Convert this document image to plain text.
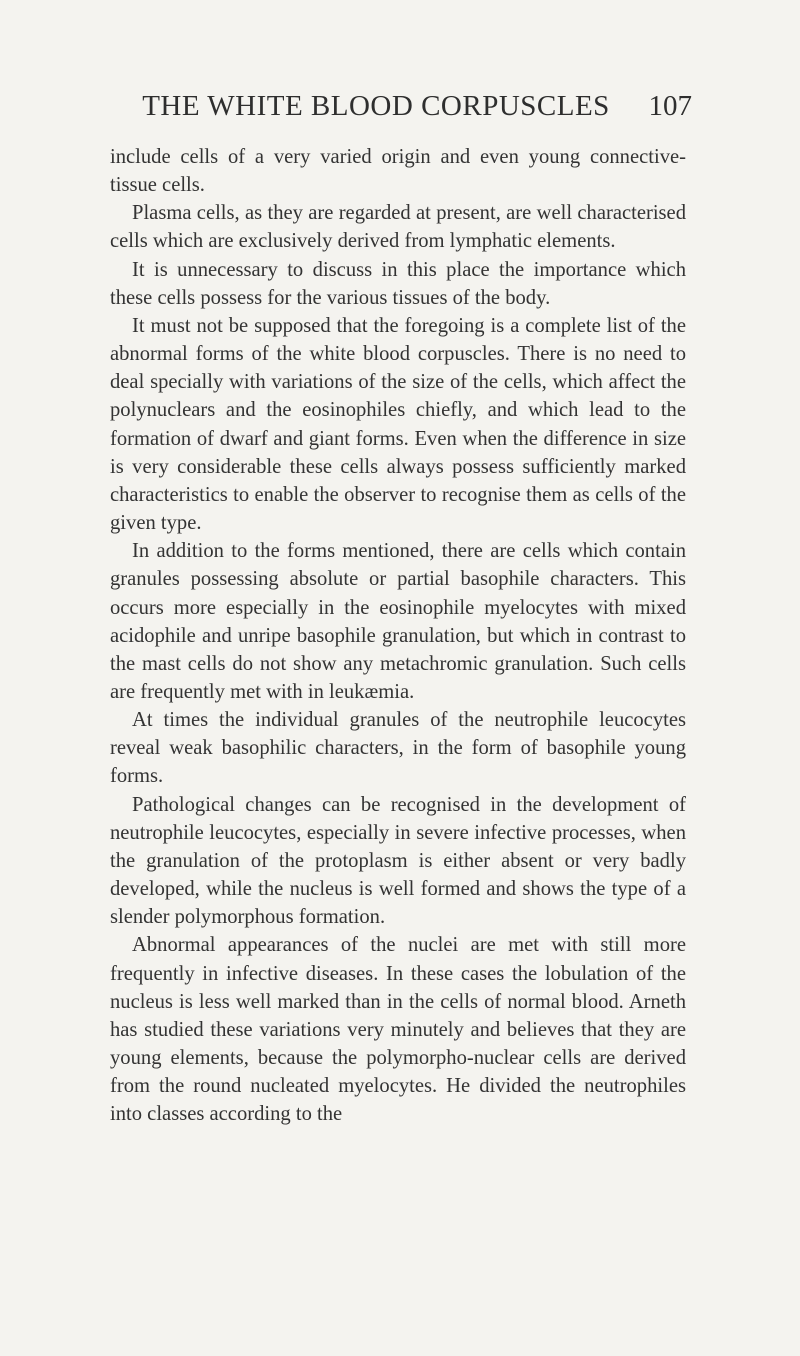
THE WHITE BLOOD CORPUSCLES	107

include cells of a very varied origin and even young connective-tissue cells.

Plasma cells, as they are regarded at present, are well characterised cells which are exclusively derived from lymphatic elements.

It is unnecessary to discuss in this place the importance which these cells possess for the various tissues of the body.

It must not be supposed that the foregoing is a complete list of the abnormal forms of the white blood corpuscles. There is no need to deal specially with variations of the size of the cells, which affect the polynuclears and the eosinophiles chiefly, and which lead to the formation of dwarf and giant forms. Even when the difference in size is very considerable these cells always possess sufficiently marked characteristics to enable the observer to recognise them as cells of the given type.

In addition to the forms mentioned, there are cells which contain granules possessing absolute or partial basophile characters. This occurs more especially in the eosinophile myelocytes with mixed acidophile and unripe basophile granulation, but which in contrast to the mast cells do not show any metachromic granulation. Such cells are frequently met with in leukæmia.

At times the individual granules of the neutrophile leucocytes reveal weak basophilic characters, in the form of basophile young forms.

Pathological changes can be recognised in the development of neutrophile leucocytes, especially in severe infective processes, when the granulation of the protoplasm is either absent or very badly developed, while the nucleus is well formed and shows the type of a slender polymorphous formation.

Abnormal appearances of the nuclei are met with still more frequently in infective diseases. In these cases the lobulation of the nucleus is less well marked than in the cells of normal blood. Arneth has studied these variations very minutely and believes that they are young elements, because the polymorpho-nuclear cells are derived from the round nucleated myelocytes. He divided the neutrophiles into classes according to the
